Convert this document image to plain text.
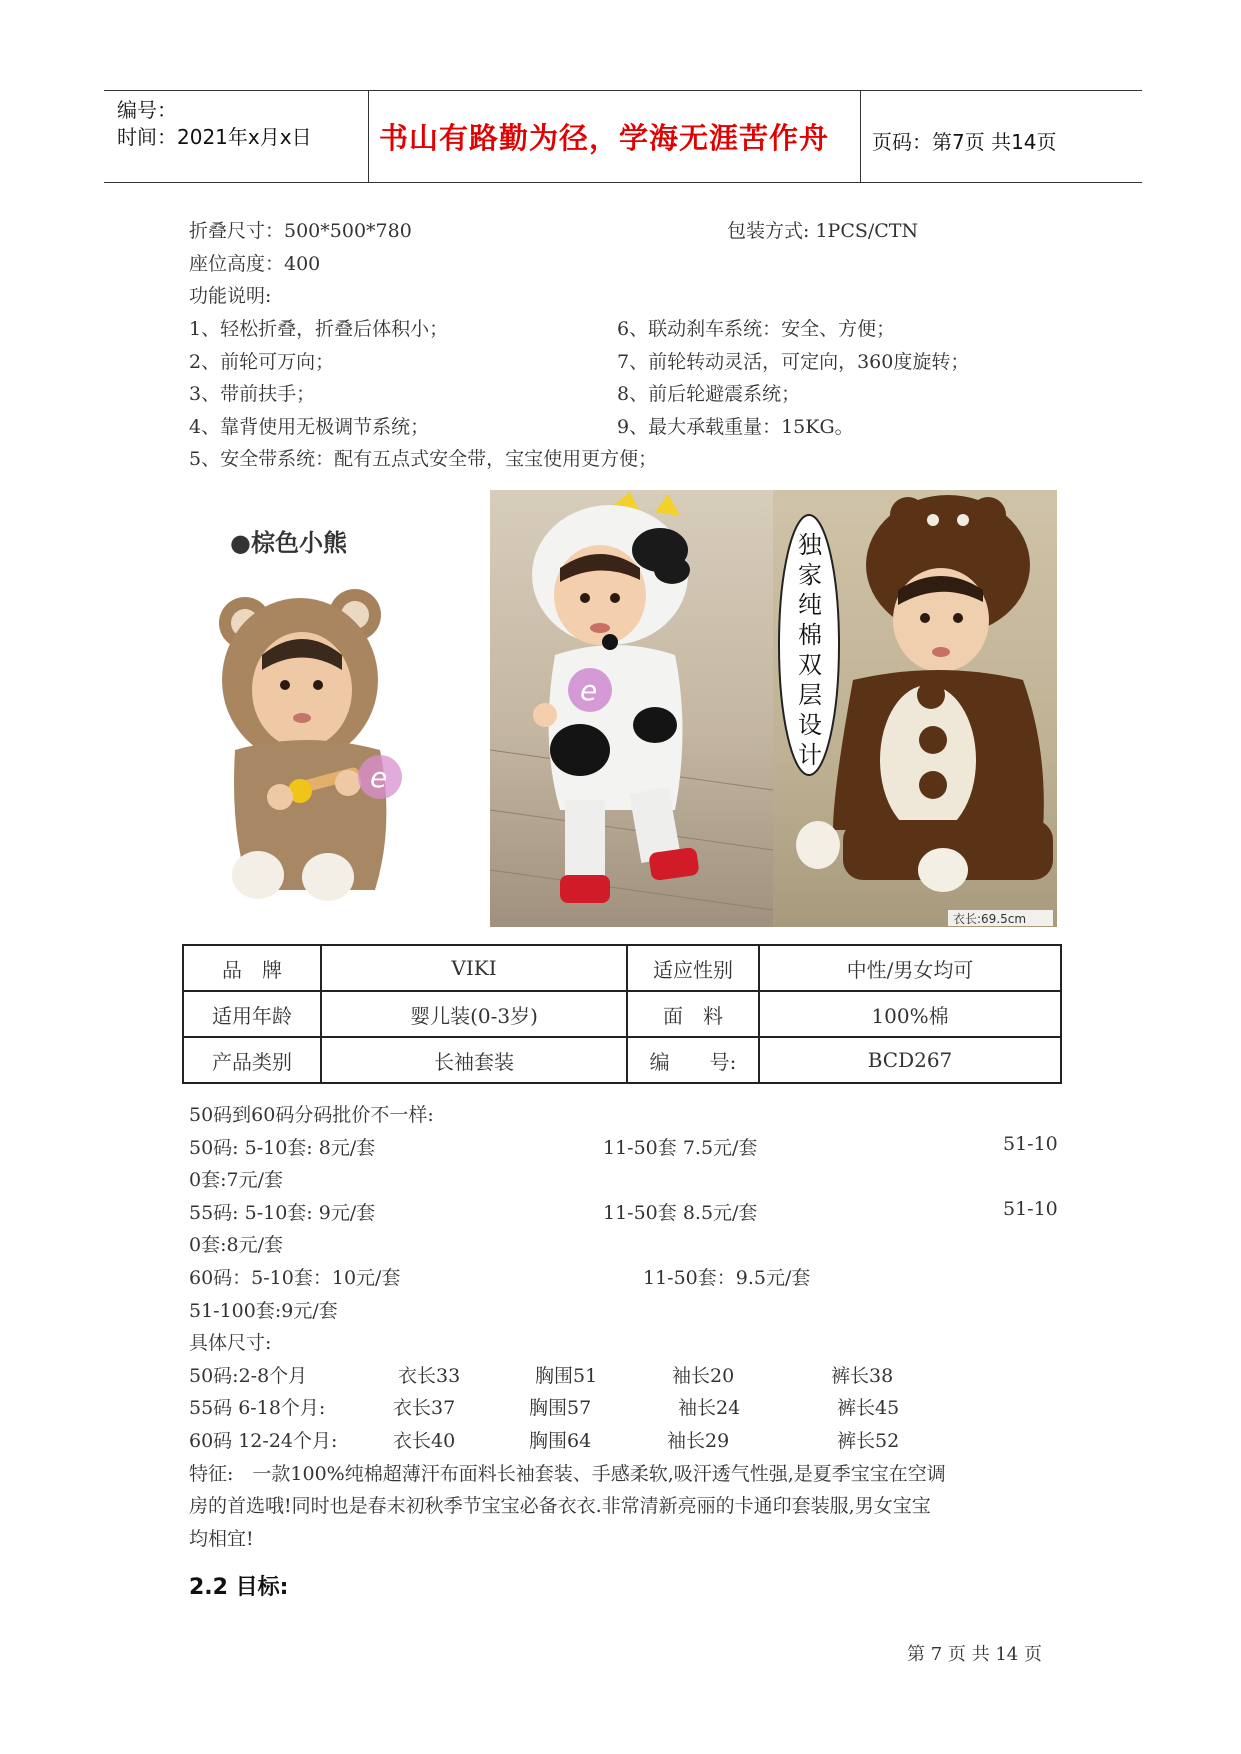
编号：
时间：2021年x月x日	书山有路勤为径，学海无涯苦作舟	页码：第7页 共14页
折叠尺寸：500*500*780	包装方式: 1PCS/CTN
座位高度：400
功能说明:
1、轻松折叠，折叠后体积小；	6、联动刹车系统：安全、方便；
2、前轮可万向；	7、前轮转动灵活，可定向，360度旋转；
3、带前扶手；	8、前后轮避震系统；
4、靠背使用无极调节系统；	9、最大承载重量：15KG。
5、安全带系统：配有五点式安全带，宝宝使用更方便；
●棕色小熊
e
e
独家纯棉双层设计
衣长:69.5cm
品　牌	VIKI	适应性别	中性/男女均可
适用年龄	婴儿装(0-3岁)	面　料	100%棉
产品类别	长袖套装	编　　号:	BCD267
50码到60码分码批价不一样:
50码: 5-10套: 8元/套	11-50套 7.5元/套	51-10
0套:7元/套
55码: 5-10套: 9元/套	11-50套 8.5元/套	51-10
0套:8元/套
60码：5-10套：10元/套	11-50套：9.5元/套
51-100套:9元/套
具体尺寸:
50码:2-8个月	衣长33	胸围51	袖长20	裤长38
55码 6-18个月:	衣长37	胸围57	袖长24	裤长45
60码 12-24个月:	衣长40	胸围64	袖长29	裤长52
特征:　一款100%纯棉超薄汗布面料长袖套装、手感柔软,吸汗透气性强,是夏季宝宝在空调
房的首选哦!同时也是春末初秋季节宝宝必备衣衣.非常清新亮丽的卡通印套装服,男女宝宝
均相宜!
2.2 目标:
第 7 页 共 14 页
